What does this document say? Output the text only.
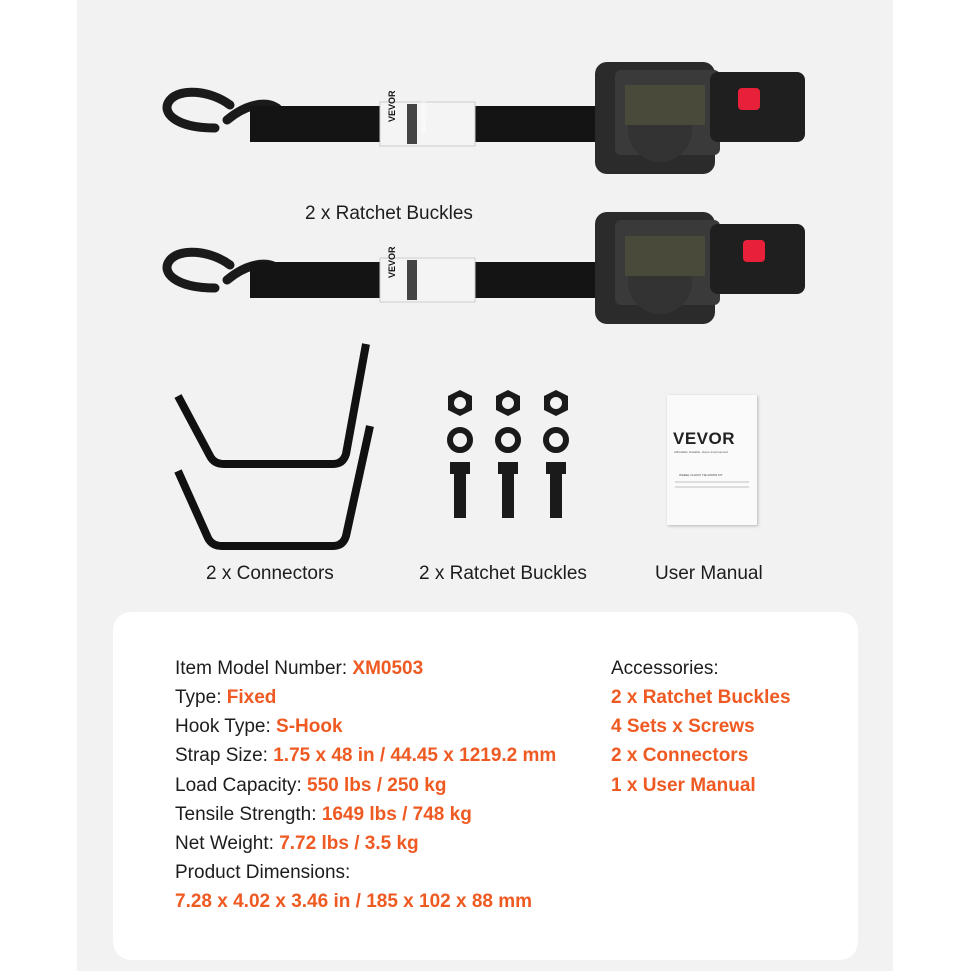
VEVOR	WARNING
2 x Ratchet Buckles
VEVOR
2 x Connectors	2 x Ratchet Buckles
VEVOR
Affordable, Reliable, Home Improvement
WHEEL CHOCK TIE-DOWN KIT
User Manual
Item Model Number: XM0503
Type: Fixed
Hook Type: S-Hook
Strap Size: 1.75 x 48 in / 44.45 x 1219.2 mm
Load Capacity: 550 lbs / 250 kg
Tensile Strength: 1649 lbs / 748 kg
Net Weight: 7.72 lbs / 3.5 kg
Product Dimensions:
7.28 x 4.02 x 3.46 in / 185 x 102 x 88 mm
Accessories:
2 x Ratchet Buckles
4 Sets x Screws
2 x Connectors
1 x User Manual
